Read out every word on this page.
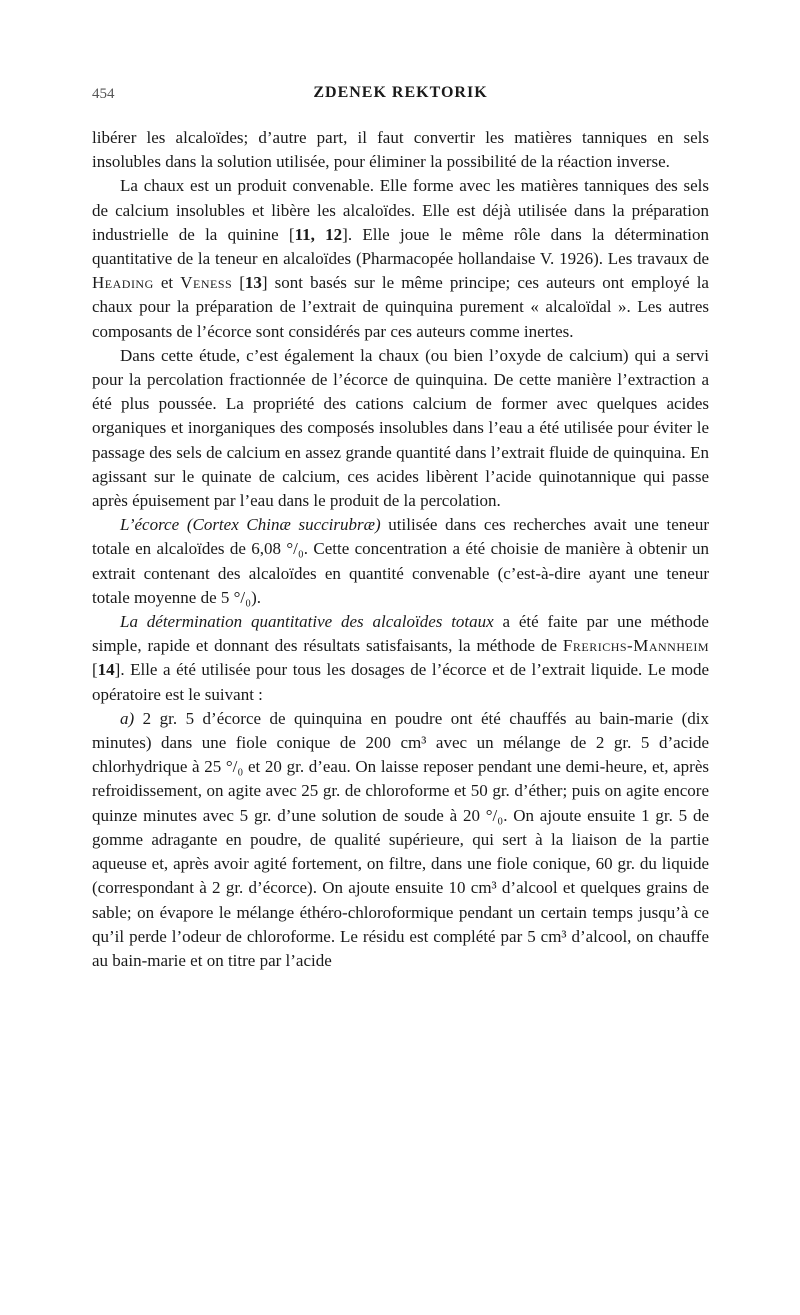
454	ZDENEK REKTORIK

libérer les alcaloïdes; d’autre part, il faut convertir les matières tanniques en sels insolubles dans la solution utilisée, pour éliminer la possibilité de la réaction inverse.

La chaux est un produit convenable. Elle forme avec les matières tanniques des sels de calcium insolubles et libère les alcaloïdes. Elle est déjà utilisée dans la préparation industrielle de la quinine [11, 12]. Elle joue le même rôle dans la détermination quantitative de la teneur en alcaloïdes (Pharmacopée hollandaise V. 1926). Les travaux de Heading et Veness [13] sont basés sur le même principe; ces auteurs ont employé la chaux pour la préparation de l’extrait de quinquina purement « alcaloïdal ». Les autres composants de l’écorce sont considérés par ces auteurs comme inertes.

Dans cette étude, c’est également la chaux (ou bien l’oxyde de calcium) qui a servi pour la percolation fractionnée de l’écorce de quinquina. De cette manière l’extraction a été plus poussée. La propriété des cations calcium de former avec quelques acides organiques et inorganiques des composés insolubles dans l’eau a été utilisée pour éviter le passage des sels de calcium en assez grande quantité dans l’extrait fluide de quinquina. En agissant sur le quinate de calcium, ces acides libèrent l’acide quinotannique qui passe après épuisement par l’eau dans le produit de la percolation.

L’écorce (Cortex Chinæ succirubræ) utilisée dans ces recherches avait une teneur totale en alcaloïdes de 6,08 °/₀. Cette concentration a été choisie de manière à obtenir un extrait contenant des alcaloïdes en quantité convenable (c’est-à-dire ayant une teneur totale moyenne de 5 °/₀).

La détermination quantitative des alcaloïdes totaux a été faite par une méthode simple, rapide et donnant des résultats satisfaisants, la méthode de Frerichs-Mannheim [14]. Elle a été utilisée pour tous les dosages de l’écorce et de l’extrait liquide. Le mode opératoire est le suivant :

a) 2 gr. 5 d’écorce de quinquina en poudre ont été chauffés au bain-marie (dix minutes) dans une fiole conique de 200 cm³ avec un mélange de 2 gr. 5 d’acide chlorhydrique à 25 °/₀ et 20 gr. d’eau. On laisse reposer pendant une demi-heure, et, après refroidissement, on agite avec 25 gr. de chloroforme et 50 gr. d’éther; puis on agite encore quinze minutes avec 5 gr. d’une solution de soude à 20 °/₀. On ajoute ensuite 1 gr. 5 de gomme adragante en poudre, de qualité supérieure, qui sert à la liaison de la partie aqueuse et, après avoir agité fortement, on filtre, dans une fiole conique, 60 gr. du liquide (correspondant à 2 gr. d’écorce). On ajoute ensuite 10 cm³ d’alcool et quelques grains de sable; on évapore le mélange éthéro-chloroformique pendant un certain temps jusqu’à ce qu’il perde l’odeur de chloroforme. Le résidu est complété par 5 cm³ d’alcool, on chauffe au bain-marie et on titre par l’acide
